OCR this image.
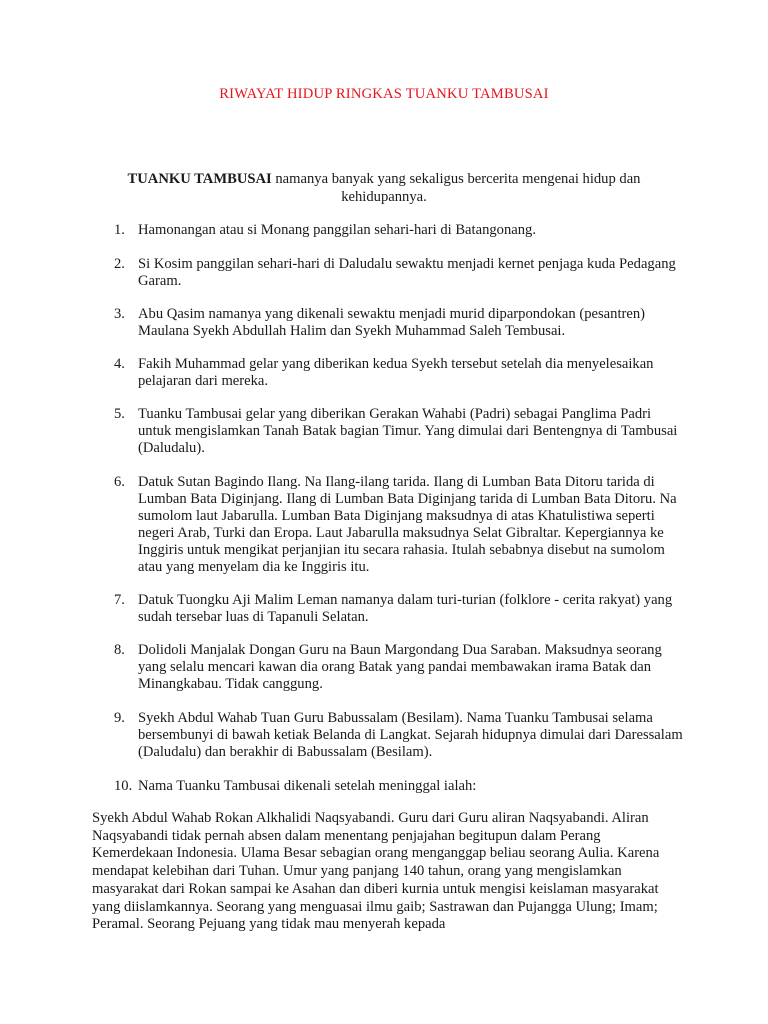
RIWAYAT HIDUP RINGKAS TUANKU TAMBUSAI
TUANKU TAMBUSAI namanya banyak yang sekaligus bercerita mengenai hidup dan kehidupannya.
1. Hamonangan atau si Monang panggilan sehari-hari di Batangonang.
2. Si Kosim panggilan sehari-hari di Daludalu sewaktu menjadi kernet penjaga kuda Pedagang Garam.
3. Abu Qasim namanya yang dikenali sewaktu menjadi murid diparpondokan (pesantren) Maulana Syekh Abdullah Halim dan Syekh Muhammad Saleh Tembusai.
4. Fakih Muhammad gelar yang diberikan kedua Syekh tersebut setelah dia menyelesaikan pelajaran dari mereka.
5. Tuanku Tambusai gelar yang diberikan Gerakan Wahabi (Padri) sebagai Panglima Padri untuk mengislamkan Tanah Batak bagian Timur. Yang dimulai dari Bentengnya di Tambusai (Daludalu).
6. Datuk Sutan Bagindo Ilang. Na Ilang-ilang tarida. Ilang di Lumban Bata Ditoru tarida di Lumban Bata Diginjang. Ilang di Lumban Bata Diginjang tarida di Lumban Bata Ditoru. Na sumolom laut Jabarulla. Lumban Bata Diginjang maksudnya di atas Khatulistiwa seperti negeri Arab, Turki dan Eropa. Laut Jabarulla maksudnya Selat Gibraltar. Kepergiannya ke Inggiris untuk mengikat perjanjian itu secara rahasia. Itulah sebabnya disebut na sumolom atau yang menyelam dia ke Inggiris itu.
7. Datuk Tuongku Aji Malim Leman namanya dalam turi-turian (folklore - cerita rakyat) yang sudah tersebar luas di Tapanuli Selatan.
8. Dolidoli Manjalak Dongan Guru na Baun Margondang Dua Saraban. Maksudnya seorang yang selalu mencari kawan dia orang Batak yang pandai membawakan irama Batak dan Minangkabau. Tidak canggung.
9. Syekh Abdul Wahab Tuan Guru Babussalam (Besilam). Nama Tuanku Tambusai selama bersembunyi di bawah ketiak Belanda di Langkat. Sejarah hidupnya dimulai dari Daressalam (Daludalu) dan berakhir di Babussalam (Besilam).
10. Nama Tuanku Tambusai dikenali setelah meninggal ialah:
Syekh Abdul Wahab Rokan Alkhalidi Naqsyabandi. Guru dari Guru aliran Naqsyabandi. Aliran Naqsyabandi tidak pernah absen dalam menentang penjajahan begitupun dalam Perang Kemerdekaan Indonesia. Ulama Besar sebagian orang menganggap beliau seorang Aulia. Karena mendapat kelebihan dari Tuhan. Umur yang panjang 140 tahun, orang yang mengislamkan masyarakat dari Rokan sampai ke Asahan dan diberi kurnia untuk mengisi keislaman masyarakat yang diislamkannya. Seorang yang menguasai ilmu gaib; Sastrawan dan Pujangga Ulung; Imam; Peramal. Seorang Pejuang yang tidak mau menyerah kepada
